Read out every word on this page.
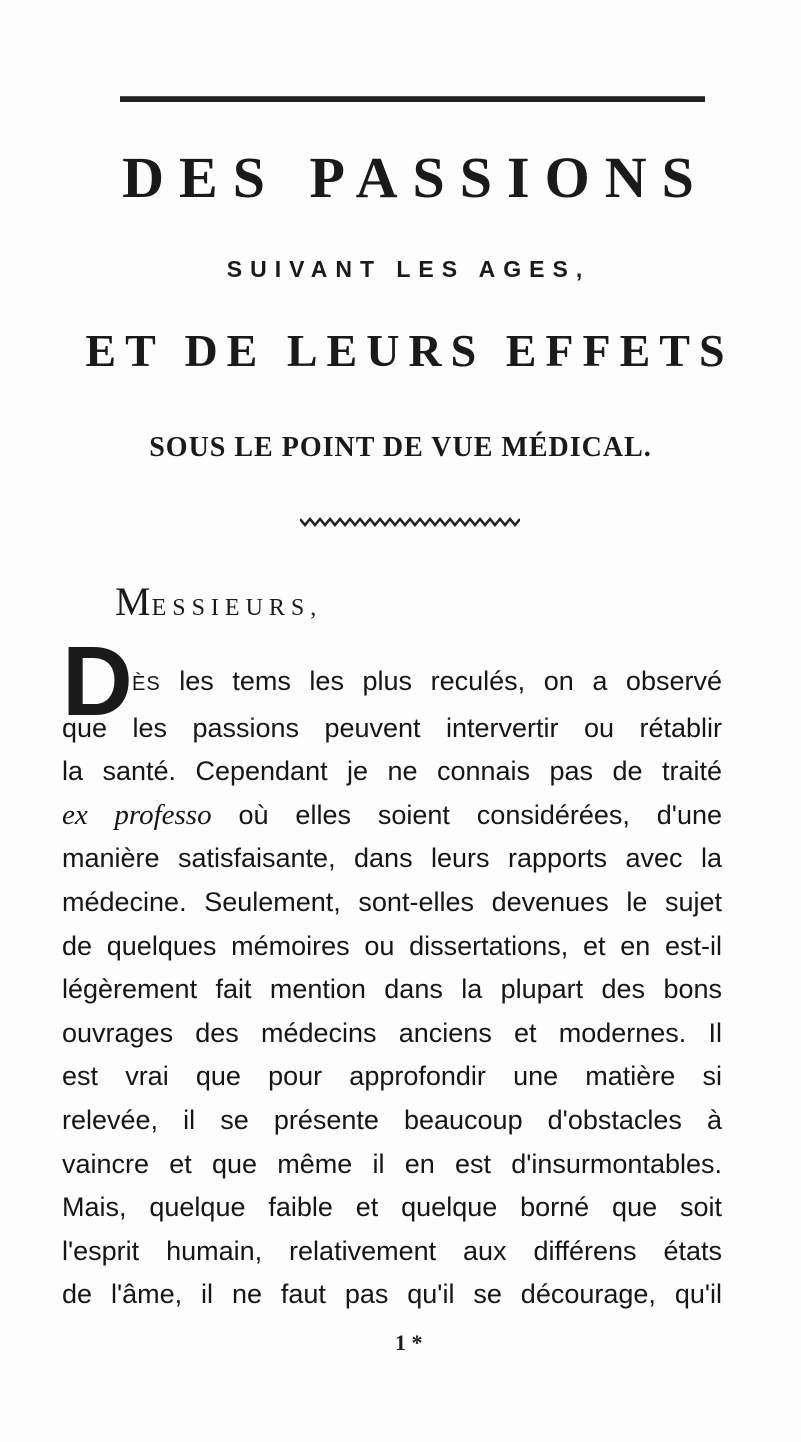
DES PASSIONS
SUIVANT LES AGES,
ET DE LEURS EFFETS
SOUS LE POINT DE VUE MÉDICAL.
MESSIEURS,
D ÈS les tems les plus reculés, on a observé
que les passions peuvent intervertir ou rétablir
la santé. Cependant je ne connais pas de traité
ex professo où elles soient considérées, d'une
manière satisfaisante, dans leurs rapports avec la
médecine. Seulement, sont-elles devenues le sujet
de quelques mémoires ou dissertations, et en est-il
légèrement fait mention dans la plupart des bons
ouvrages des médecins anciens et modernes. Il
est vrai que pour approfondir une matière si
relevée, il se présente beaucoup d'obstacles à
vaincre et que même il en est d'insurmontables.
Mais, quelque faible et quelque borné que soit
l'esprit humain, relativement aux différens états
de l'âme, il ne faut pas qu'il se décourage, qu'il
1 *
